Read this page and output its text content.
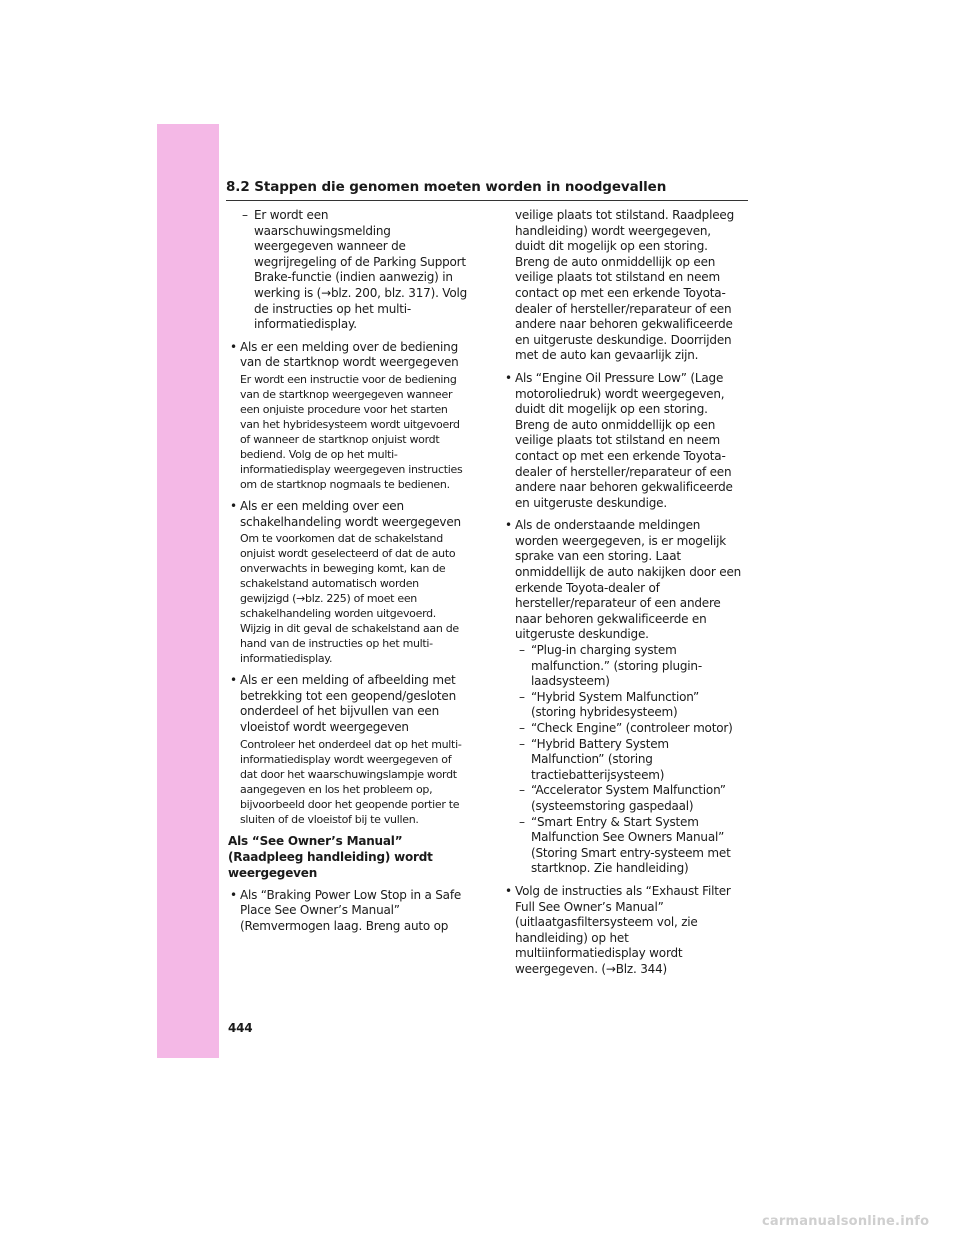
8.2 Stappen die genomen moeten worden in noodgevallen
– Er wordt een waarschuwingsmelding weergegeven wanneer de wegrijregeling of de Parking Support Brake-functie (indien aanwezig) in werking is (→blz. 200, blz. 317). Volg de instructies op het multi-informatiedisplay.
• Als er een melding over de bediening van de startknop wordt weergegeven
Er wordt een instructie voor de bediening van de startknop weergegeven wanneer een onjuiste procedure voor het starten van het hybridesysteem wordt uitgevoerd of wanneer de startknop onjuist wordt bediend. Volg de op het multi-informatiedisplay weergegeven instructies om de startknop nogmaals te bedienen.
• Als er een melding over een schakelhandeling wordt weergegeven
Om te voorkomen dat de schakelstand onjuist wordt geselecteerd of dat de auto onverwachts in beweging komt, kan de schakelstand automatisch worden gewijzigd (→blz. 225) of moet een schakelhandeling worden uitgevoerd. Wijzig in dit geval de schakelstand aan de hand van de instructies op het multi-informatiedisplay.
• Als er een melding of afbeelding met betrekking tot een geopend/gesloten onderdeel of het bijvullen van een vloeistof wordt weergegeven
Controleer het onderdeel dat op het multi-informatiedisplay wordt weergegeven of dat door het waarschuwingslampje wordt aangegeven en los het probleem op, bijvoorbeeld door het geopende portier te sluiten of de vloeistof bij te vullen.
Als “See Owner’s Manual” (Raadpleeg handleiding) wordt weergegeven
• Als “Braking Power Low Stop in a Safe Place See Owner’s Manual” (Remvermogen laag. Breng auto op
veilige plaats tot stilstand. Raadpleeg handleiding) wordt weergegeven, duidt dit mogelijk op een storing. Breng de auto onmiddellijk op een veilige plaats tot stilstand en neem contact op met een erkende Toyota-dealer of hersteller/reparateur of een andere naar behoren gekwalificeerde en uitgeruste deskundige. Doorrijden met de auto kan gevaarlijk zijn.
• Als “Engine Oil Pressure Low” (Lage motoroliedruk) wordt weergegeven, duidt dit mogelijk op een storing. Breng de auto onmiddellijk op een veilige plaats tot stilstand en neem contact op met een erkende Toyota-dealer of hersteller/reparateur of een andere naar behoren gekwalificeerde en uitgeruste deskundige.
• Als de onderstaande meldingen worden weergegeven, is er mogelijk sprake van een storing. Laat onmiddellijk de auto nakijken door een erkende Toyota-dealer of hersteller/reparateur of een andere naar behoren gekwalificeerde en uitgeruste deskundige.
– “Plug-in charging system malfunction.” (storing plugin-laadsysteem)
– “Hybrid System Malfunction” (storing hybridesysteem)
– “Check Engine” (controleer motor)
– “Hybrid Battery System Malfunction” (storing tractiebatterijsysteem)
– “Accelerator System Malfunction” (systeemstoring gaspedaal)
– “Smart Entry & Start System Malfunction See Owners Manual” (Storing Smart entry-systeem met startknop. Zie handleiding)
• Volg de instructies als “Exhaust Filter Full See Owner’s Manual” (uitlaatgasfiltersysteem vol, zie handleiding) op het multiinformatiedisplay wordt weergegeven. (→Blz. 344)
444
carmanualsonline.info
